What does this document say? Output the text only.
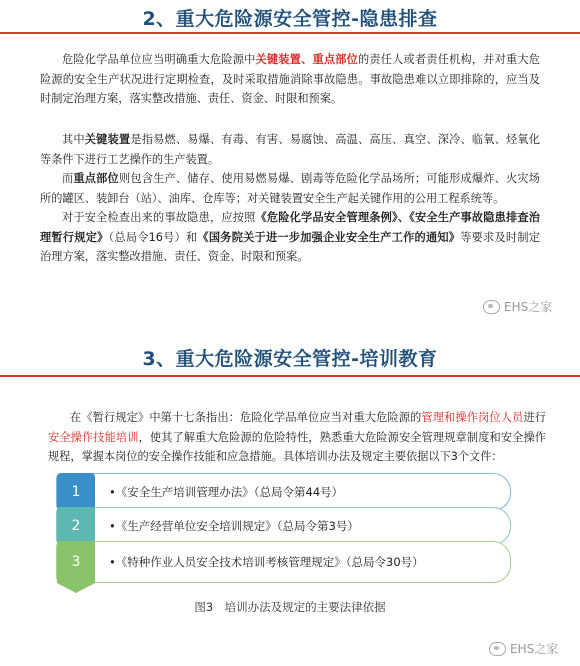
2、重大危险源安全管控-隐患排查

危险化学品单位应当明确重大危险源中关键装置、重点部位的责任人或者责任机构，并对重大危险源的安全生产状况进行定期检查，及时采取措施消除事故隐患。事故隐患难以立即排除的，应当及时制定治理方案，落实整改措施、责任、资金、时限和预案。

其中关键装置是指易燃、易爆、有毒、有害、易腐蚀、高温、高压、真空、深冷、临氧、烃氧化等条件下进行工艺操作的生产装置。

而重点部位则包含生产、储存、使用易燃易爆、剧毒等危险化学品场所；可能形成爆炸、火灾场所的罐区、装卸台（站）、油库、仓库等；对关键装置安全生产起关键作用的公用工程系统等。

对于安全检查出来的事故隐患，应按照《危险化学品安全管理条例》、《安全生产事故隐患排查治理暂行规定》（总局令16号）和《国务院关于进一步加强企业安全生产工作的通知》等要求及时制定治理方案，落实整改措施、责任、资金、时限和预案。

EHS之家
3、重大危险源安全管控-培训教育

在《暂行规定》中第十七条指出：危险化学品单位应当对重大危险源的管理和操作岗位人员进行安全操作技能培训，使其了解重大危险源的危险特性，熟悉重大危险源安全管理规章制度和安全操作规程，掌握本岗位的安全操作技能和应急措施。具体培训办法及规定主要依据以下3个文件：

1	•《安全生产培训管理办法》（总局令第44号）
2	•《生产经营单位安全培训规定》（总局令第3号）
3	•《特种作业人员安全技术培训考核管理规定》（总局令30号）
图3　培训办法及规定的主要法律依据
EHS之家
